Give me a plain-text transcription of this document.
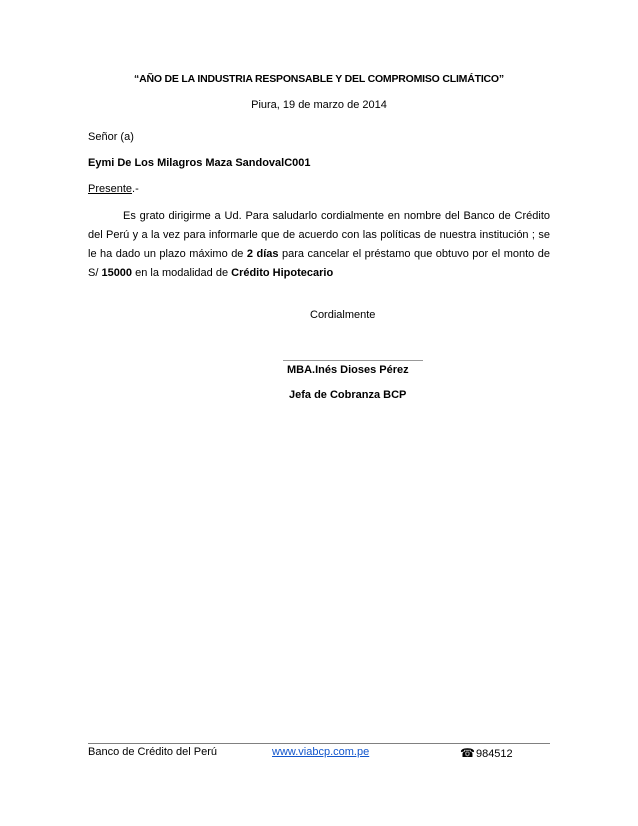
“AÑO DE LA INDUSTRIA RESPONSABLE Y DEL COMPROMISO CLIMÁTICO”
Piura, 19 de marzo de 2014
Señor (a)
Eymi De Los Milagros Maza SandovalC001
Presente.-

Es grato dirigirme a Ud. Para saludarlo cordialmente en nombre del Banco de Crédito del Perú y a la vez para informarle que de acuerdo con las políticas de nuestra institución ; se le ha dado un plazo máximo de 2 días para cancelar el préstamo que obtuvo por el monto de S/ 15000 en la modalidad de Crédito Hipotecario

Cordialmente
MBA.Inés Dioses Pérez
Jefa de Cobranza BCP
Banco de Crédito del Perú	www.viabcp.com.pe	☎984512
